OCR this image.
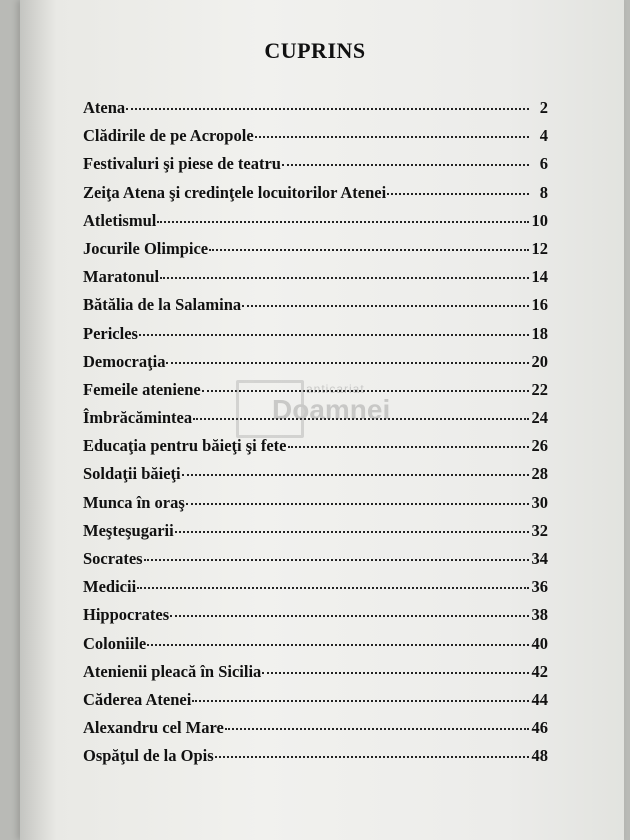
CUPRINS
Atena	2
Clădirile de pe Acropole	4
Festivaluri şi piese de teatru	6
Zeiţa Atena şi credinţele locuitorilor Atenei	8
Atletismul	10
Jocurile Olimpice	12
Maratonul	14
Bătălia de la Salamina	16
Pericles	18
Democraţia	20
Femeile ateniene	22
Îmbrăcămintea	24
Educaţia pentru băieţi şi fete	26
Soldaţii băieţi	28
Munca în oraş	30
Meşteşugarii	32
Socrates	34
Medicii	36
Hippocrates	38
Coloniile	40
Atenienii pleacă în Sicilia	42
Căderea Atenei	44
Alexandru cel Mare	46
Ospăţul de la Opis	48
anticariat
Doamnei
